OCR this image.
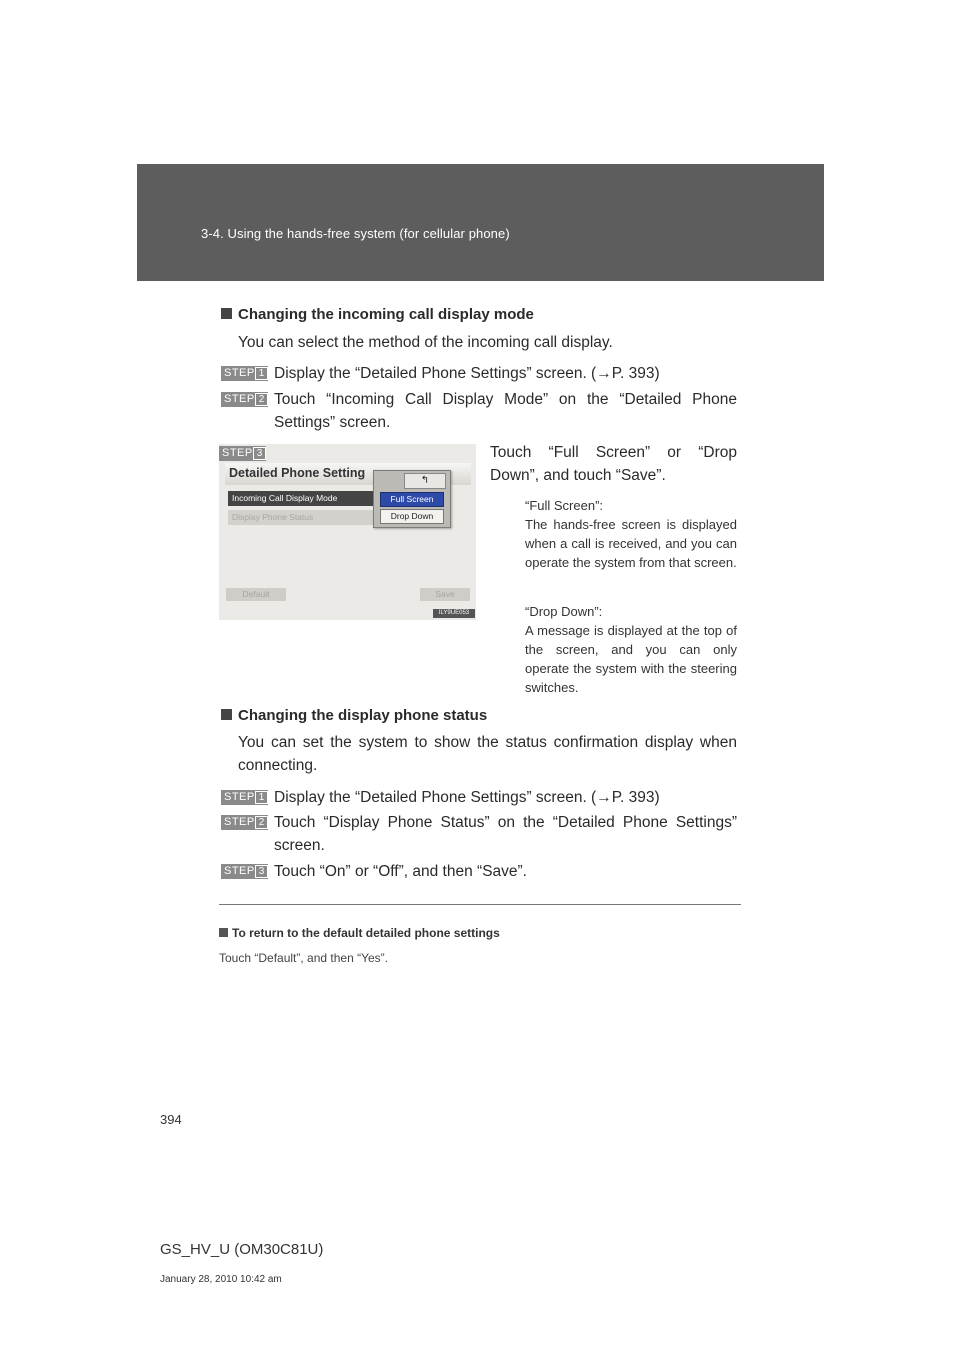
3-4. Using the hands-free system (for cellular phone)
Changing the incoming call display mode
You can select the method of the incoming call display.
STEP 1 Display the “Detailed Phone Settings” screen. (→P. 393)
STEP 2 Touch “Incoming Call Display Mode” on the “Detailed Phone Settings” screen.
STEP 3
Detailed Phone Setting
Incoming Call Display Mode
Display Phone Status
↰
Full Screen
Drop Down
Default	Save
ILY9UE053
Touch “Full Screen” or “Drop Down”, and touch “Save”.
“Full Screen”:
The hands-free screen is displayed when a call is received, and you can operate the system from that screen.
“Drop Down”:
A message is displayed at the top of the screen, and you can only operate the system with the steering switches.
Changing the display phone status
You can set the system to show the status confirmation display when connecting.
STEP 1 Display the “Detailed Phone Settings” screen. (→P. 393)
STEP 2 Touch “Display Phone Status” on the “Detailed Phone Settings” screen.
STEP 3 Touch “On” or “Off”, and then “Save”.
To return to the default detailed phone settings
Touch “Default”, and then “Yes”.
394
GS_HV_U (OM30C81U)
January 28, 2010 10:42 am
